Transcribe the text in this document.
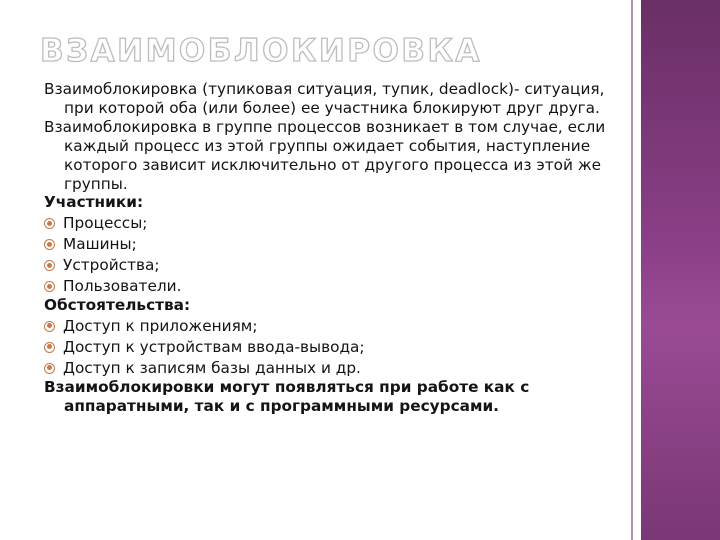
ВЗАИМОБЛОКИРОВКА

Взаимоблокировка (тупиковая ситуация, тупик, deadlock)- ситуация, при которой оба (или более) ее участника блокируют друг друга.

Взаимоблокировка в группе процессов возникает в том случае, если каждый процесс из этой группы ожидает события, наступление которого зависит исключительно от другого процесса из этой же группы.

Участники:

Процессы;
Машины;
Устройства;
Пользователи.

Обстоятельства:

Доступ к приложениям;
Доступ к устройствам ввода-вывода;
Доступ к записям базы данных и др.

Взаимоблокировки могут появляться при работе как с аппаратными, так и с программными ресурсами.
